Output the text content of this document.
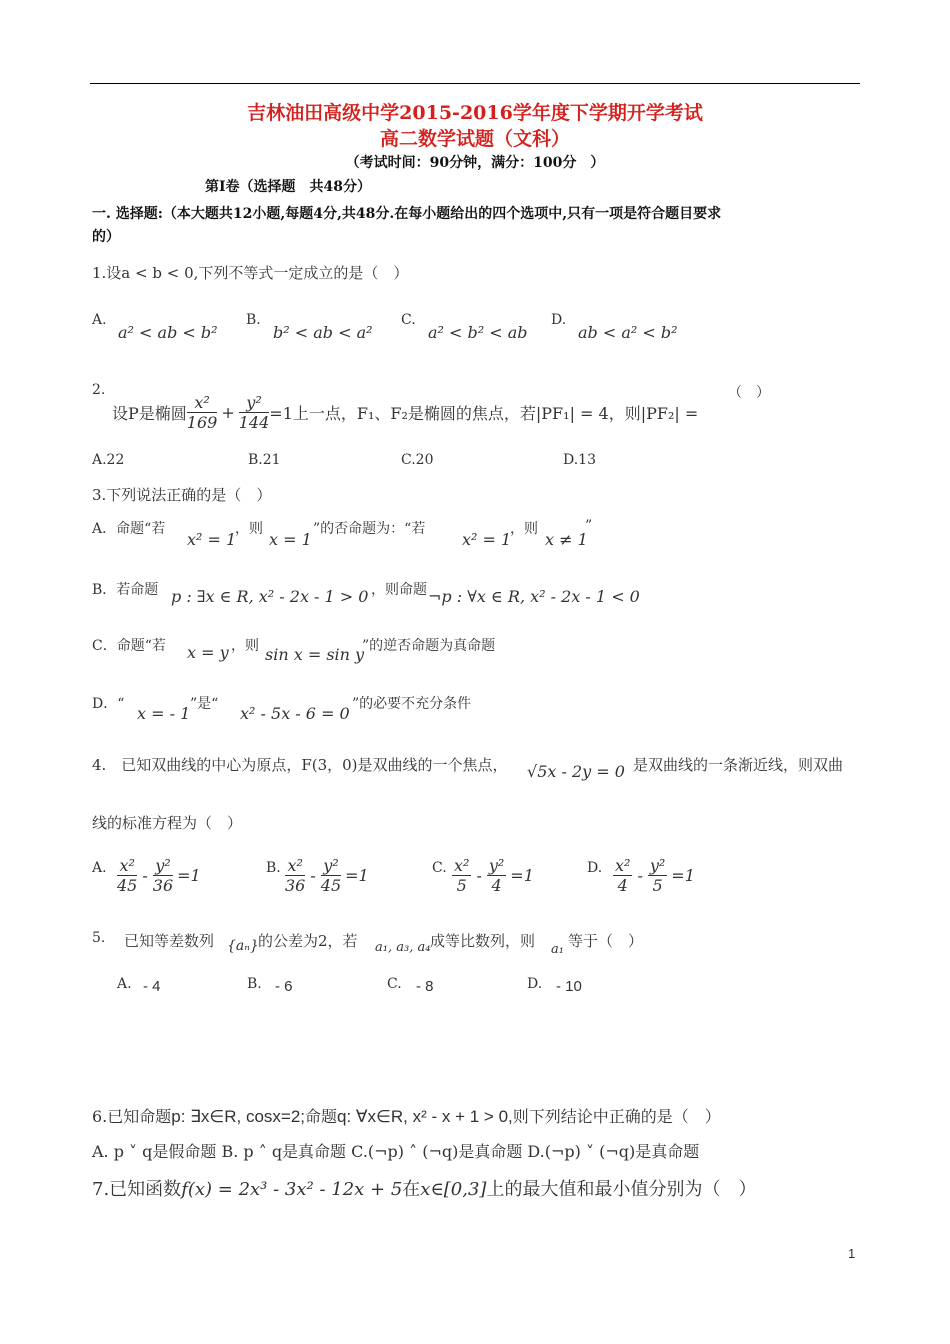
吉林油田高级中学2015-2016学年度下学期开学考试
高二数学试题（文科）
（考试时间：90分钟，满分：100分　）
第Ⅰ卷（选择题　共48分）
一. 选择题:（本大题共12小题,每题4分,共48分.在每小题给出的四个选项中,只有一项是符合题目要求
的）
1.设a < b < 0,下列不等式一定成立的是（　）
A.
a² < ab < b²
B.
b² < ab < a²
C.
a² < b² < ab
D.
ab < a² < b²
2.
设P是椭圆 $\frac{\text{x²}}{169} + \frac{\text{y²}}{144} =1$上一点，F₁、F₂是椭圆的焦点，若|PF₁| = 4，则|PF₂| =
（　）
A.22	B.21	C.20	D.13
3.下列说法正确的是（　）
A．命题“若
x² = 1
，则
x = 1
”的否命题为：“若
x² = 1
，则
x ≠ 1
”
B．若命题 p : ∃x ∈ R, x² - 2x - 1 > 0 ，则命题 ¬p : ∀x ∈ R, x² - 2x - 1 < 0
C．命题“若 x = y ，则 sin x = sin y
”的逆否命题为真命题
D．“ x = - 1 ”是“ x² - 5x - 6 = 0 ”的必要不充分条件
4.　已知双曲线的中心为原点，F(3，0)是双曲线的一个焦点， √5x - 2y = 0 是双曲线的一条渐近线，则双曲
线的标准方程为（　）
A. $\frac{\text{x²}}{45} - \frac{\text{y²}}{36} =1$	B. $\frac{\text{x²}}{36} - \frac{\text{y²}}{45} =1$	C. $\frac{\text{x²}}{5} - \frac{\text{y²}}{4} =1$	D. $\frac{\text{x²}}{4} - \frac{\text{y²}}{5} =1$
5. 已知等差数列 {aₙ} 的公差为2，若 a₁, a₃, a₄ 成等比数列，则 a₁ 等于（　）
A. - 4	B. - 6	C. - 8	D. - 10
6.已知命题 p: ∃x∈R, cosx=2; 命题 q: ∀x∈R, x² - x + 1 > 0, 则下列结论中正确的是（　）
A. p ˅ q是假命题 B. p ˄ q是真命题 C.(¬p) ˄ (¬q)是真命题 D.(¬p) ˅ (¬q)是真命题
7.已知函数 f(x) = 2x³ - 3x² - 12x + 5 在 x∈[0,3] 上的最大值和最小值分别为（　）
1
